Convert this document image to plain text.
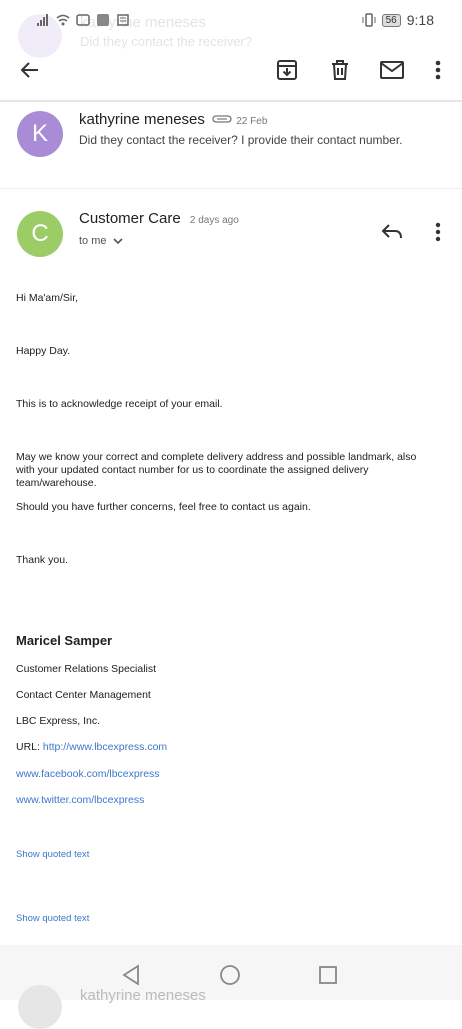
kathyrine meneses
Did they contact the receiver?
56 9:18
K
kathyrine meneses	22 Feb
Did they contact the receiver? I provide their contact number.
C
Customer Care 2 days ago
to me
Hi Ma'am/Sir,
Happy Day.
This is to acknowledge receipt of your email.
May we know your correct and complete delivery address and possible landmark, also with your updated contact number for us to coordinate the assigned delivery team/warehouse.
Should you have further concerns, feel free to contact us again.
Thank you.
Maricel Samper
Customer Relations Specialist
Contact Center Management
LBC Express, Inc.
URL: http://www.lbcexpress.com
www.facebook.com/lbcexpress
www.twitter.com/lbcexpress
Show quoted text
Show quoted text
kathyrine meneses
